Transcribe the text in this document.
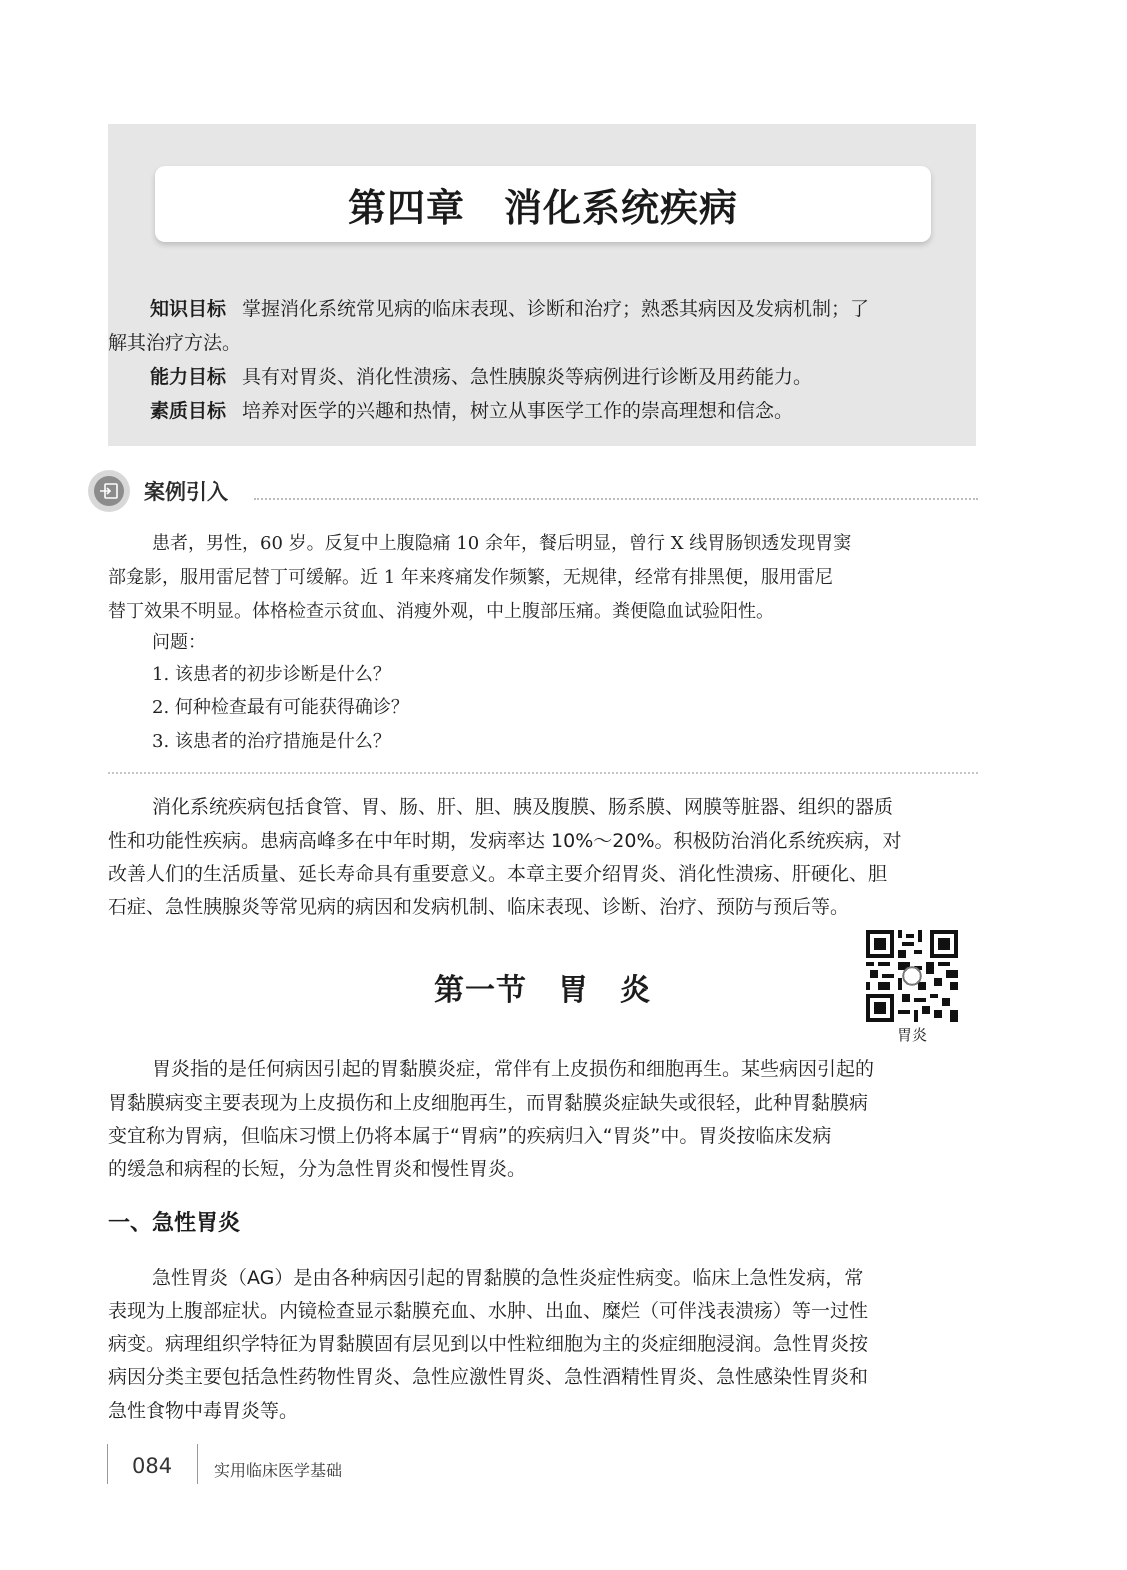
第四章　消化系统疾病
知识目标 掌握消化系统常见病的临床表现、诊断和治疗；熟悉其病因及发病机制；了
解其治疗方法。
能力目标 具有对胃炎、消化性溃疡、急性胰腺炎等病例进行诊断及用药能力。
素质目标 培养对医学的兴趣和热情，树立从事医学工作的崇高理想和信念。
案例引入
患者，男性，60 岁。反复中上腹隐痛 10 余年，餐后明显，曾行 X 线胃肠钡透发现胃窦
部龛影，服用雷尼替丁可缓解。近 1 年来疼痛发作频繁，无规律，经常有排黑便，服用雷尼
替丁效果不明显。体格检查示贫血、消瘦外观，中上腹部压痛。粪便隐血试验阳性。
问题：
1. 该患者的初步诊断是什么？
2. 何种检查最有可能获得确诊？
3. 该患者的治疗措施是什么？
消化系统疾病包括食管、胃、肠、肝、胆、胰及腹膜、肠系膜、网膜等脏器、组织的器质
性和功能性疾病。患病高峰多在中年时期，发病率达 10%～20%。积极防治消化系统疾病，对
改善人们的生活质量、延长寿命具有重要意义。本章主要介绍胃炎、消化性溃疡、肝硬化、胆
石症、急性胰腺炎等常见病的病因和发病机制、临床表现、诊断、治疗、预防与预后等。
第一节　胃　炎
胃炎
胃炎指的是任何病因引起的胃黏膜炎症，常伴有上皮损伤和细胞再生。某些病因引起的
胃黏膜病变主要表现为上皮损伤和上皮细胞再生，而胃黏膜炎症缺失或很轻，此种胃黏膜病
变宜称为胃病，但临床习惯上仍将本属于“胃病”的疾病归入“胃炎”中。胃炎按临床发病
的缓急和病程的长短，分为急性胃炎和慢性胃炎。
一、急性胃炎
急性胃炎（AG）是由各种病因引起的胃黏膜的急性炎症性病变。临床上急性发病，常
表现为上腹部症状。内镜检查显示黏膜充血、水肿、出血、糜烂（可伴浅表溃疡）等一过性
病变。病理组织学特征为胃黏膜固有层见到以中性粒细胞为主的炎症细胞浸润。急性胃炎按
病因分类主要包括急性药物性胃炎、急性应激性胃炎、急性酒精性胃炎、急性感染性胃炎和
急性食物中毒胃炎等。
084	实用临床医学基础
